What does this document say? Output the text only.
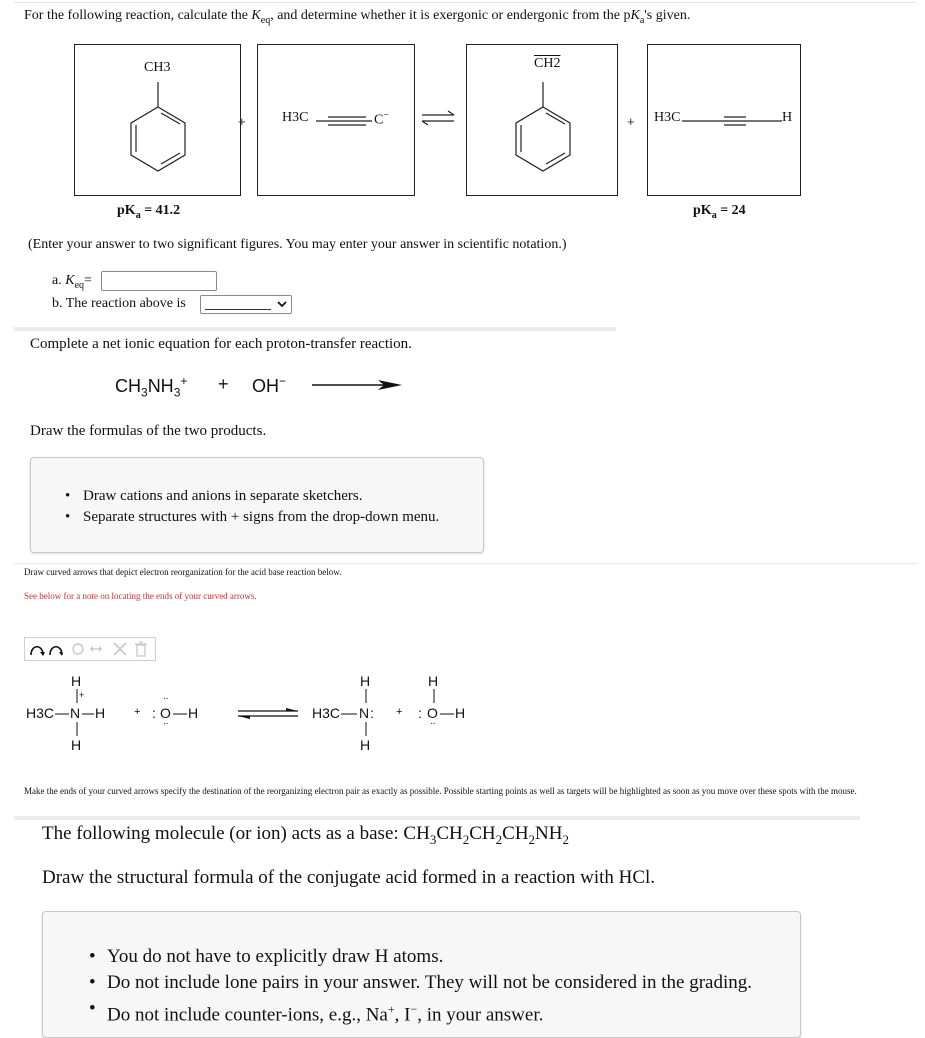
For the following reaction, calculate the $K_{eq}$, and determine whether it is exergonic or endergonic from the $pK_a's$ given.
CH3
+	H3C	C−
CH2
+ H3C	H
$pK_a = 41.2$	$pK_a = 24$
(Enter your answer to two significant figures. You may enter your answer in scientific notation.)
a. $K_{eq}=$
b. The reaction above is
Complete a net ionic equation for each proton-transfer reaction.
$CH_3NH_3^+ + OH^-$
Draw the formulas of the two products.
• Draw cations and anions in separate sketchers.
• Separate structures with + signs from the drop-down menu.
Draw curved arrows that depict electron reorganization for the acid base reaction below.
See below for a note on locating the ends of your curved arrows.
H
+
H3C N H
H
+ : O
··
··
H
H
H3C N :
H
+
H
: O
··
H
Make the ends of your curved arrows specify the destination of the reorganizing electron pair as exactly as possible. Possible starting points as well as targets will be highlighted as soon as you move over these spots with the mouse.
The following molecule (or ion) acts as a base: $CH_3CH_2CH_2CH_2NH_2$
Draw the structural formula of the conjugate acid formed in a reaction with HCl.
• You do not have to explicitly draw H atoms.
• Do not include lone pairs in your answer. They will not be considered in the grading.
• Do not include counter-ions, e.g., Na+, I−, in your answer.
